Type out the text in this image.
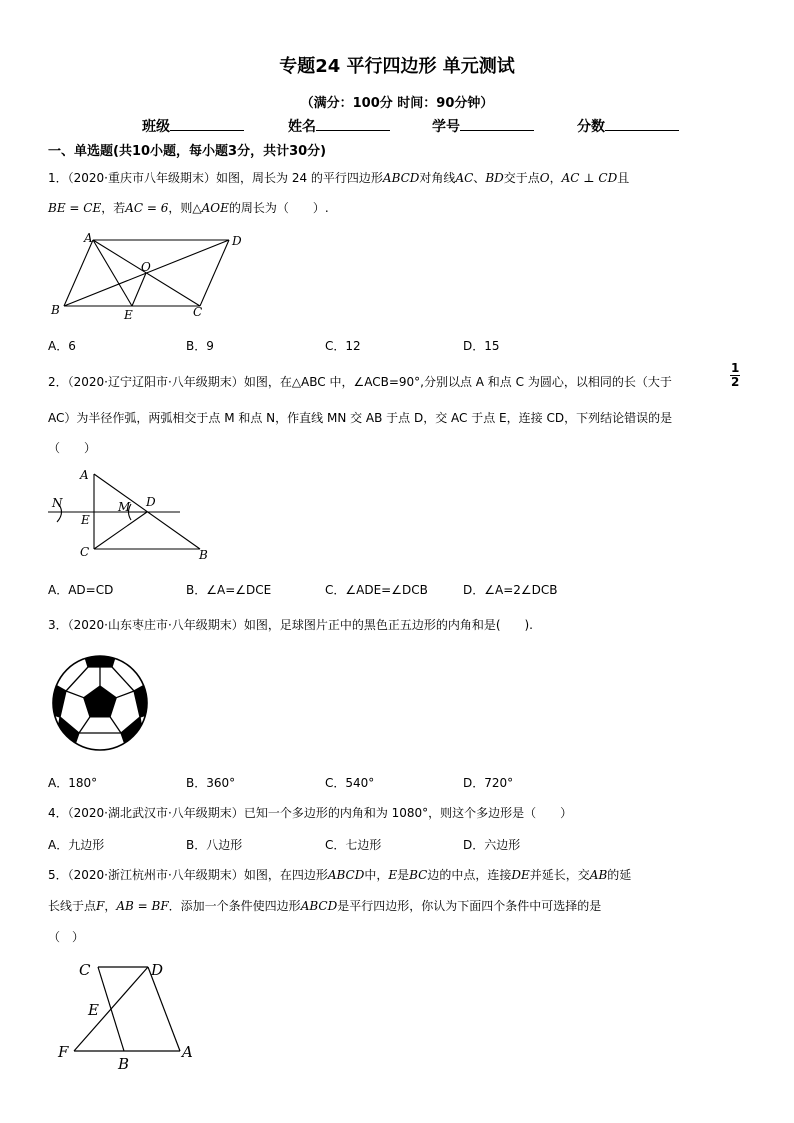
专题24 平行四边形 单元测试
（满分：100分 时间：90分钟）
班级	姓名	学号	分数
一、单选题(共10小题，每小题3分，共计30分)
1．（2020·重庆市八年级期末）如图，周长为 24 的平行四边形ABCD对角线AC、BD交于点O，AC ⊥ CD且
BE = CE，若AC = 6，则△AOE的周长为（　　）.
A	D
O
B	E	C
A．6	B．9	C．12	D．15
2．（2020·辽宁辽阳市·八年级期末）如图，在△ABC 中，∠ACB=90°,分别以点 A 和点 C 为圆心，以相同的长（大于	$\frac{1}{2}$
AC）为半径作弧，两弧相交于点 M 和点 N，作直线 MN 交 AB 于点 D，交 AC 于点 E，连接 CD，下列结论错误的是
（　　）
A
N	M D
E
C	B
A．AD=CD	B．∠A=∠DCE	C．∠ADE=∠DCB	D．∠A=2∠DCB
3．（2020·山东枣庄市·八年级期末）如图，足球图片正中的黑色正五边形的内角和是(　　).
A．180°	B．360°	C．540°	D．720°
4．（2020·湖北武汉市·八年级期末）已知一个多边形的内角和为 1080°，则这个多边形是（　　）
A．九边形	B．八边形	C．七边形	D．六边形
5．（2020·浙江杭州市·八年级期末）如图，在四边形ABCD中，E是BC边的中点，连接DE并延长，交AB的延
长线于点F，AB = BF．添加一个条件使四边形ABCD是平行四边形，你认为下面四个条件中可选择的是
（　）
C	D
E
F
B
A
